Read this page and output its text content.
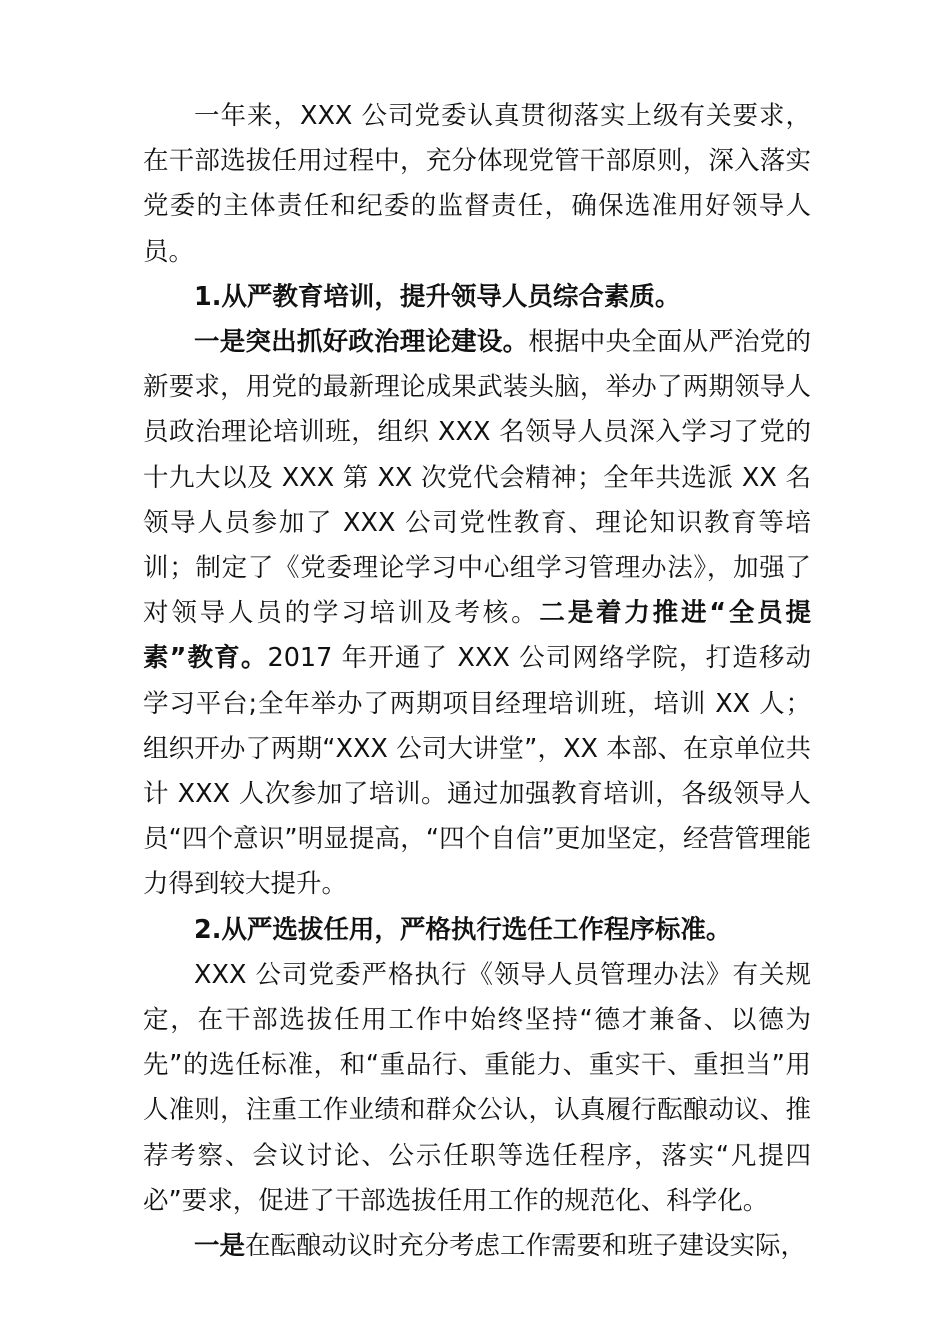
一年来，XXX 公司党委认真贯彻落实上级有关要求，在干部选拔任用过程中，充分体现党管干部原则，深入落实党委的主体责任和纪委的监督责任，确保选准用好领导人员。

1.从严教育培训，提升领导人员综合素质。

一是突出抓好政治理论建设。根据中央全面从严治党的新要求，用党的最新理论成果武装头脑，举办了两期领导人员政治理论培训班，组织 XXX 名领导人员深入学习了党的十九大以及 XXX 第 XX 次党代会精神；全年共选派 XX 名领导人员参加了 XXX 公司党性教育、理论知识教育等培训；制定了《党委理论学习中心组学习管理办法》，加强了对领导人员的学习培训及考核。二是着力推进“全员提素”教育。2017 年开通了 XXX 公司网络学院，打造移动学习平台;全年举办了两期项目经理培训班，培训 XX 人；组织开办了两期“XXX 公司大讲堂”，XX 本部、在京单位共计 XXX 人次参加了培训。通过加强教育培训，各级领导人员“四个意识”明显提高，“四个自信”更加坚定，经营管理能力得到较大提升。

2.从严选拔任用，严格执行选任工作程序标准。

XXX 公司党委严格执行《领导人员管理办法》有关规定，在干部选拔任用工作中始终坚持“德才兼备、以德为先”的选任标准，和“重品行、重能力、重实干、重担当”用人准则，注重工作业绩和群众公认，认真履行酝酿动议、推荐考察、会议讨论、公示任职等选任程序，落实“凡提四必”要求，促进了干部选拔任用工作的规范化、科学化。

一是在酝酿动议时充分考虑工作需要和班子建设实际，
